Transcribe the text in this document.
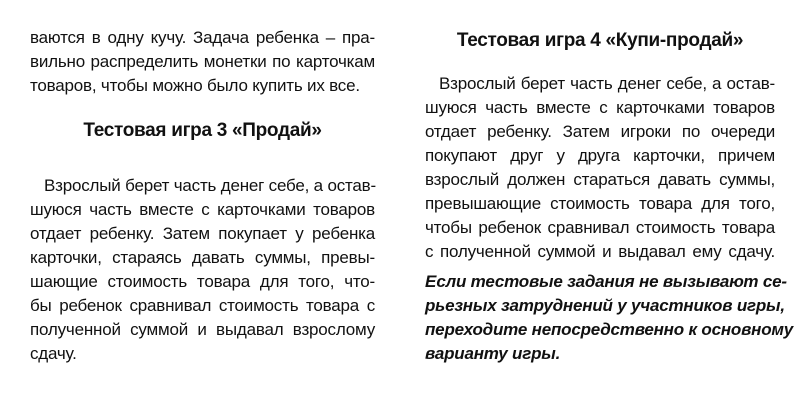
ваются в одну кучу. Задача ребенка – пра-
вильно распределить монетки по карточкам
товаров, чтобы можно было купить их все.
Тестовая игра 3 «Продай»
Взрослый берет часть денег себе, а остав-
шуюся часть вместе с карточками товаров
отдает ребенку. Затем покупает у ребенка
карточки, стараясь давать суммы, превы-
шающие стоимость товара для того, что-
бы ребенок сравнивал стоимость товара с
полученной суммой и выдавал взрослому
сдачу.
Тестовая игра 4 «Купи-продай»
Взрослый берет часть денег себе, а остав-
шуюся часть вместе с карточками товаров
отдает ребенку. Затем игроки по очереди
покупают друг у друга карточки, причем
взрослый должен стараться давать суммы,
превышающие стоимость товара для того,
чтобы ребенок сравнивал стоимость товара
с полученной суммой и выдавал ему сдачу.
Если тестовые задания не вызывают се-
рьезных затруднений у участников игры,
переходите непосредственно к основному
варианту игры.
